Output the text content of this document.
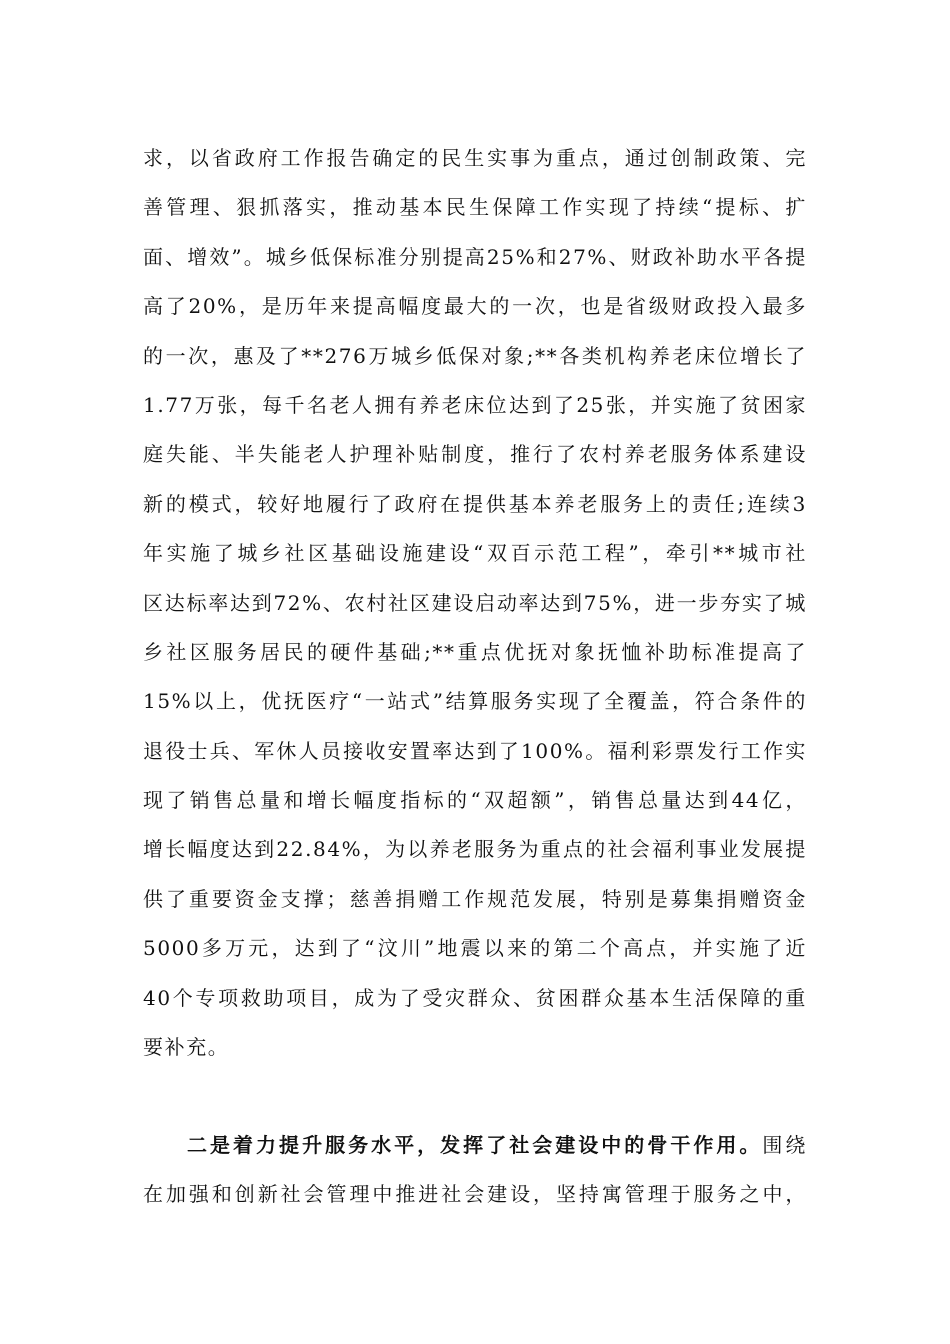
求，以省政府工作报告确定的民生实事为重点，通过创制政策、完
善管理、狠抓落实，推动基本民生保障工作实现了持续“提标、扩
面、增效”。城乡低保标准分别提高25%和27%、财政补助水平各提
高了20%，是历年来提高幅度最大的一次，也是省级财政投入最多
的一次，惠及了**276万城乡低保对象;**各类机构养老床位增长了
1.77万张，每千名老人拥有养老床位达到了25张，并实施了贫困家
庭失能、半失能老人护理补贴制度，推行了农村养老服务体系建设
新的模式，较好地履行了政府在提供基本养老服务上的责任;连续3
年实施了城乡社区基础设施建设“双百示范工程”，牵引**城市社
区达标率达到72%、农村社区建设启动率达到75%，进一步夯实了城
乡社区服务居民的硬件基础;**重点优抚对象抚恤补助标准提高了
15%以上，优抚医疗“一站式”结算服务实现了全覆盖，符合条件的
退役士兵、军休人员接收安置率达到了100%。福利彩票发行工作实
现了销售总量和增长幅度指标的“双超额”，销售总量达到44亿，
增长幅度达到22.84%，为以养老服务为重点的社会福利事业发展提
供了重要资金支撑；慈善捐赠工作规范发展，特别是募集捐赠资金
5000多万元，达到了“汶川”地震以来的第二个高点，并实施了近
40个专项救助项目，成为了受灾群众、贫困群众基本生活保障的重
要补充。
二是着力提升服务水平，发挥了社会建设中的骨干作用。围绕
在加强和创新社会管理中推进社会建设，坚持寓管理于服务之中，
